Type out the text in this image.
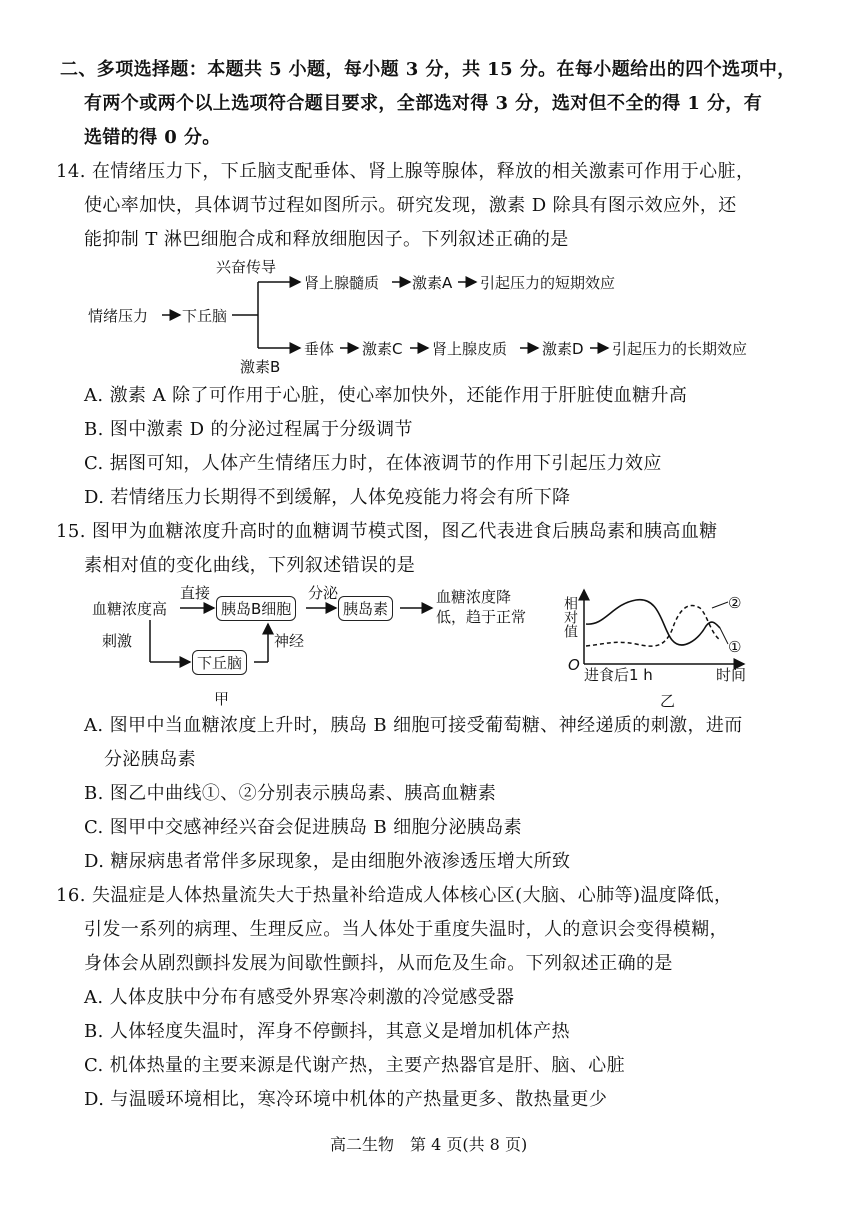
二、多项选择题：本题共 5 小题，每小题 3 分，共 15 分。在每小题给出的四个选项中，
有两个或两个以上选项符合题目要求，全部选对得 3 分，选对但不全的得 1 分，有
选错的得 0 分。
14. 在情绪压力下，下丘脑支配垂体、肾上腺等腺体，释放的相关激素可作用于心脏，
使心率加快，具体调节过程如图所示。研究发现，激素 D 除具有图示效应外，还
能抑制 T 淋巴细胞合成和释放细胞因子。下列叙述正确的是
兴奋传导
情绪压力 下丘脑
肾上腺髓质 激素A 引起压力的短期效应
激素B
垂体 激素C 肾上腺皮质 激素D 引起压力的长期效应
A. 激素 A 除了可作用于心脏，使心率加快外，还能作用于肝脏使血糖升高
B. 图中激素 D 的分泌过程属于分级调节
C. 据图可知，人体产生情绪压力时，在体液调节的作用下引起压力效应
D. 若情绪压力长期得不到缓解，人体免疫能力将会有所下降
15. 图甲为血糖浓度升高时的血糖调节模式图，图乙代表进食后胰岛素和胰高血糖
素相对值的变化曲线，下列叙述错误的是
血糖浓度高
直接
刺激
胰岛B细胞
分泌
胰岛素
血糖浓度降
低，趋于正常
神经
下丘脑
甲
相对值
O
进食后1 h	时间
①
②
乙
A. 图甲中当血糖浓度上升时，胰岛 B 细胞可接受葡萄糖、神经递质的刺激，进而
分泌胰岛素
B. 图乙中曲线①、②分别表示胰岛素、胰高血糖素
C. 图甲中交感神经兴奋会促进胰岛 B 细胞分泌胰岛素
D. 糖尿病患者常伴多尿现象，是由细胞外液渗透压增大所致
16. 失温症是人体热量流失大于热量补给造成人体核心区(大脑、心肺等)温度降低，
引发一系列的病理、生理反应。当人体处于重度失温时，人的意识会变得模糊，
身体会从剧烈颤抖发展为间歇性颤抖，从而危及生命。下列叙述正确的是
A. 人体皮肤中分布有感受外界寒冷刺激的冷觉感受器
B. 人体轻度失温时，浑身不停颤抖，其意义是增加机体产热
C. 机体热量的主要来源是代谢产热，主要产热器官是肝、脑、心脏
D. 与温暖环境相比，寒冷环境中机体的产热量更多、散热量更少
高二生物　第 4 页(共 8 页)
